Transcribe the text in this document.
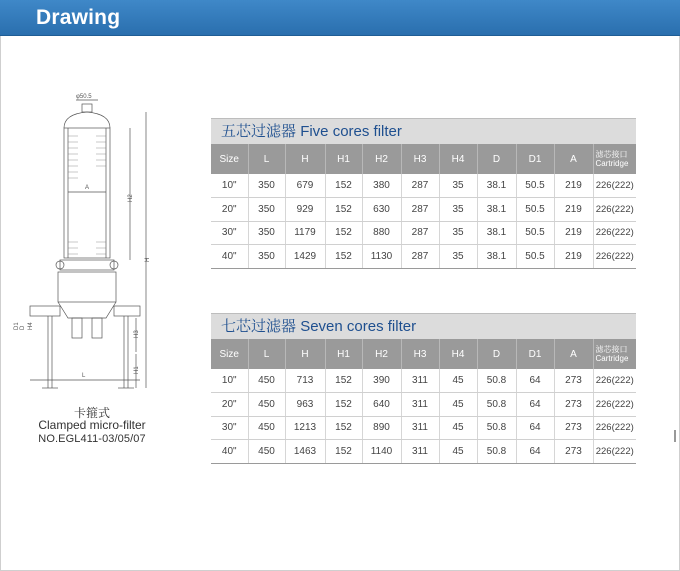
Drawing
φ50.5
A
H2
H
H3
H1
D1 D H4
L
卡箍式
Clamped micro-filter
NO.EGL411-03/05/07
五芯过滤器 Five cores filter
Size	L	H	H1	H2	H3	H4	D	D1	A	滤芯接口
Cartridge

10"	350	679	152	380	287	35	38.1	50.5	219	226(222)
20"	350	929	152	630	287	35	38.1	50.5	219	226(222)
30"	350	1179	152	880	287	35	38.1	50.5	219	226(222)
40"	350	1429	152	1130	287	35	38.1	50.5	219	226(222)
七芯过滤器 Seven cores filter
Size	L	H	H1	H2	H3	H4	D	D1	A	滤芯接口
Cartridge

10"	450	713	152	390	311	45	50.8	64	273	226(222)
20"	450	963	152	640	311	45	50.8	64	273	226(222)
30"	450	1213	152	890	311	45	50.8	64	273	226(222)
40"	450	1463	152	1140	311	45	50.8	64	273	226(222)
